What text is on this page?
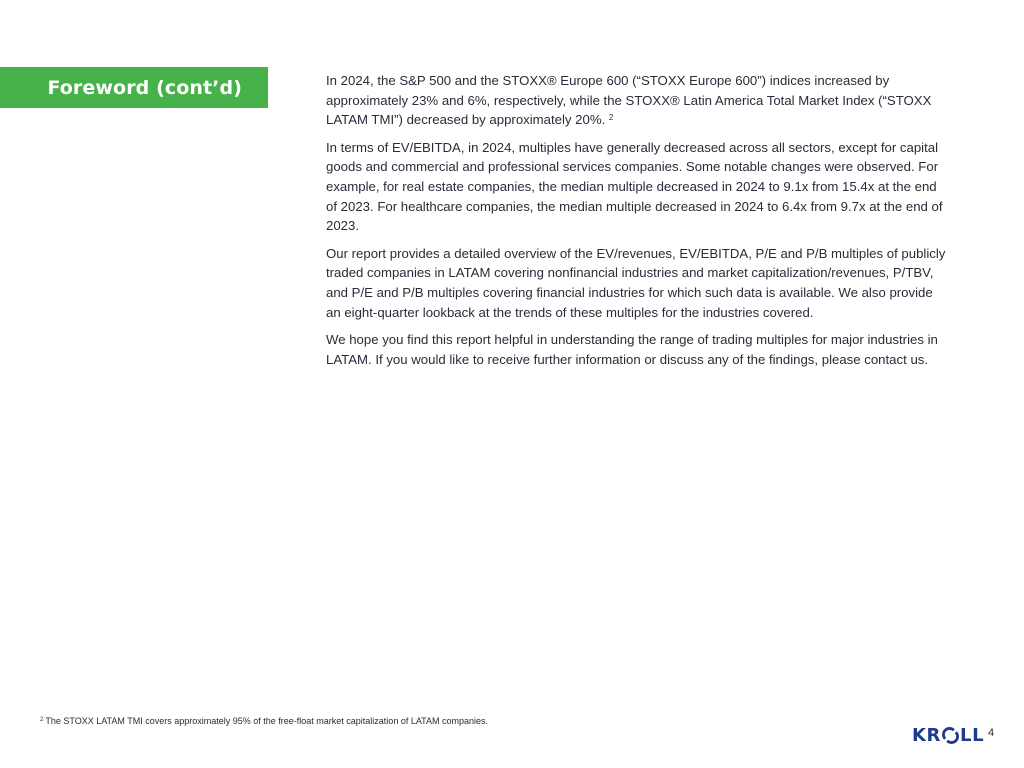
Foreword (cont’d)	In 2024, the S&P 500 and the STOXX® Europe 600 (“STOXX Europe 600”) indices increased by approximately 23% and 6%, respectively, while the STOXX® Latin America Total Market Index (“STOXX LATAM TMI”) decreased by approximately 20%. $^2$

In terms of EV/EBITDA, in 2024, multiples have generally decreased across all sectors, except for capital goods and commercial and professional services companies. Some notable changes were observed. For example, for real estate companies, the median multiple decreased in 2024 to 9.1x from 15.4x at the end of 2023. For healthcare companies, the median multiple decreased in 2024 to 6.4x from 9.7x at the end of 2023.

Our report provides a detailed overview of the EV/revenues, EV/EBITDA, P/E and P/B multiples of publicly traded companies in LATAM covering nonfinancial industries and market capitalization/revenues, P/TBV, and P/E and P/B multiples covering financial industries for which such data is available. We also provide an eight-quarter lookback at the trends of these multiples for the industries covered.

We hope you find this report helpful in understanding the range of trading multiples for major industries in LATAM. If you would like to receive further information or discuss any of the findings, please contact us.

$^2$ The STOXX LATAM TMI covers approximately 95% of the free-float market capitalization of LATAM companies.
KR LL 4
